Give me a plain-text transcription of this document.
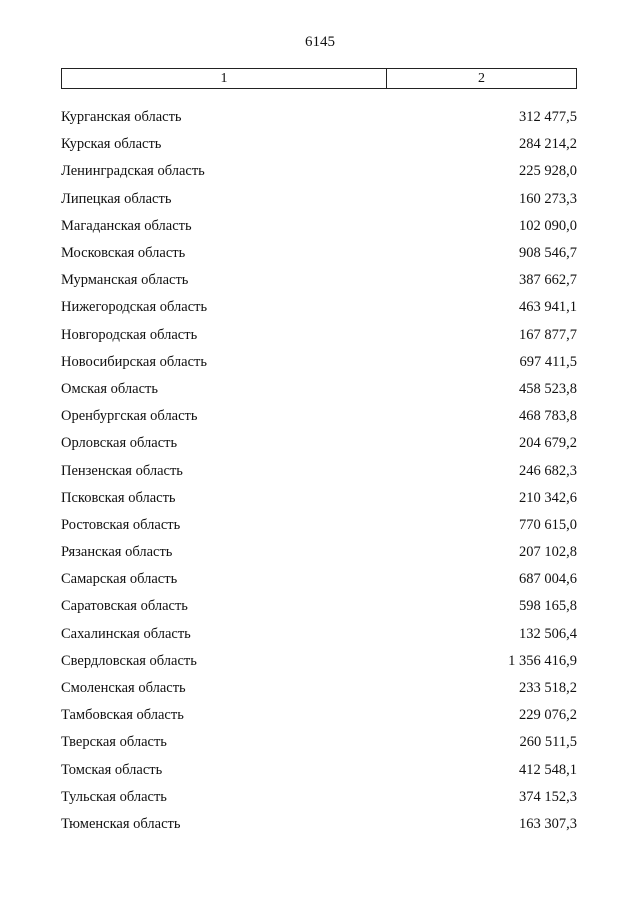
6145
1	2
Курганская область	312 477,5
Курская область	284 214,2
Ленинградская область	225 928,0
Липецкая область	160 273,3
Магаданская область	102 090,0
Московская область	908 546,7
Мурманская область	387 662,7
Нижегородская область	463 941,1
Новгородская область	167 877,7
Новосибирская область	697 411,5
Омская область	458 523,8
Оренбургская область	468 783,8
Орловская область	204 679,2
Пензенская область	246 682,3
Псковская область	210 342,6
Ростовская область	770 615,0
Рязанская область	207 102,8
Самарская область	687 004,6
Саратовская область	598 165,8
Сахалинская область	132 506,4
Свердловская область	1 356 416,9
Смоленская область	233 518,2
Тамбовская область	229 076,2
Тверская область	260 511,5
Томская область	412 548,1
Тульская область	374 152,3
Тюменская область	163 307,3
